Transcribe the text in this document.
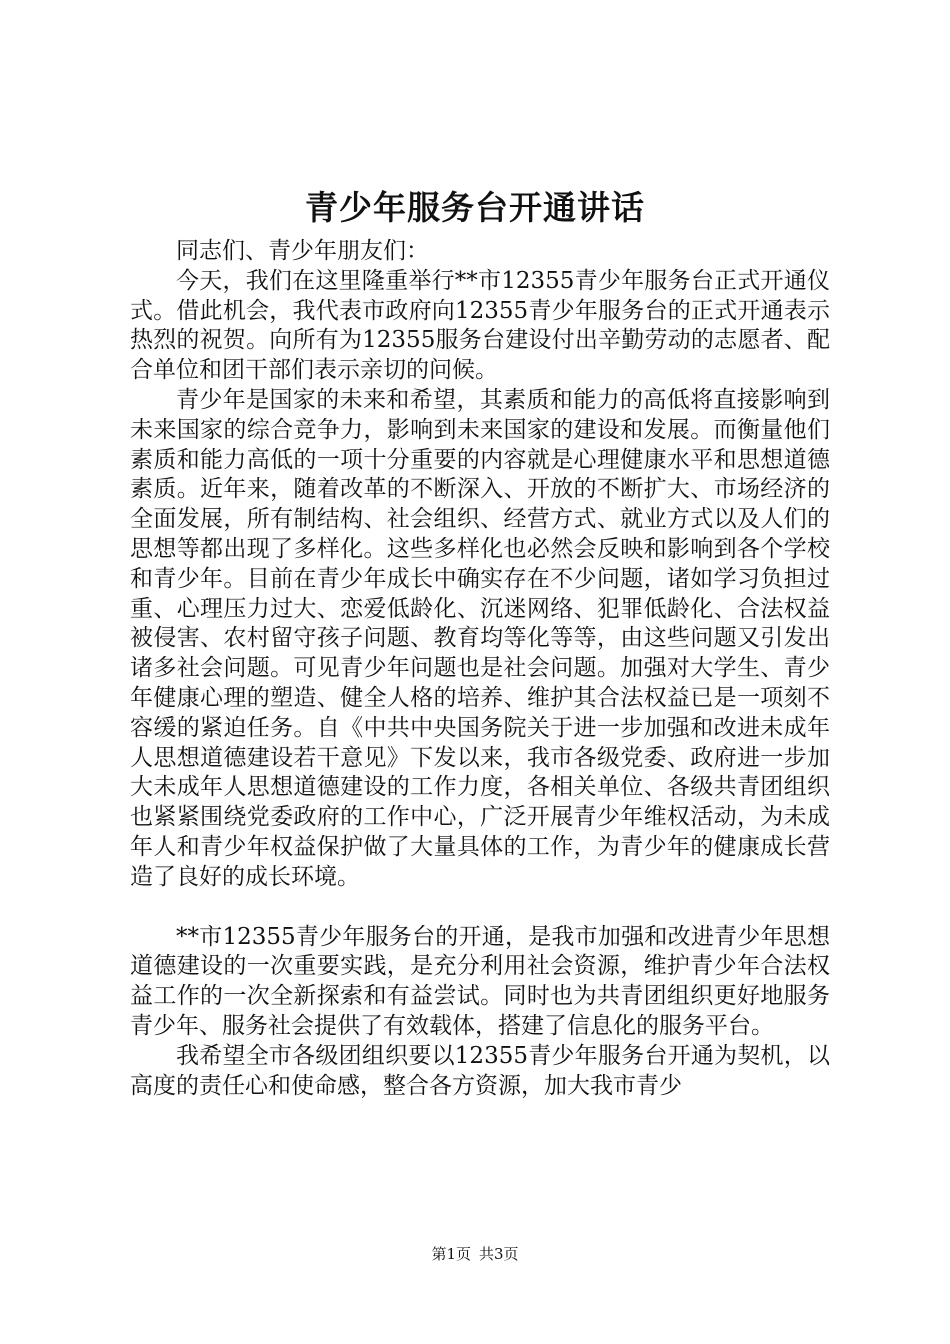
青少年服务台开通讲话

同志们、青少年朋友们：

今天，我们在这里隆重举行**市12355青少年服务台正式开通仪式。借此机会，我代表市政府向12355青少年服务台的正式开通表示热烈的祝贺。向所有为12355服务台建设付出辛勤劳动的志愿者、配合单位和团干部们表示亲切的问候。

青少年是国家的未来和希望，其素质和能力的高低将直接影响到未来国家的综合竞争力，影响到未来国家的建设和发展。而衡量他们素质和能力高低的一项十分重要的内容就是心理健康水平和思想道德素质。近年来，随着改革的不断深入、开放的不断扩大、市场经济的全面发展，所有制结构、社会组织、经营方式、就业方式以及人们的思想等都出现了多样化。这些多样化也必然会反映和影响到各个学校和青少年。目前在青少年成长中确实存在不少问题，诸如学习负担过重、心理压力过大、恋爱低龄化、沉迷网络、犯罪低龄化、合法权益被侵害、农村留守孩子问题、教育均等化等等，由这些问题又引发出诸多社会问题。可见青少年问题也是社会问题。加强对大学生、青少年健康心理的塑造、健全人格的培养、维护其合法权益已是一项刻不容缓的紧迫任务。自《中共中央国务院关于进一步加强和改进未成年人思想道德建设若干意见》下发以来，我市各级党委、政府进一步加大未成年人思想道德建设的工作力度，各相关单位、各级共青团组织也紧紧围绕党委政府的工作中心，广泛开展青少年维权活动，为未成年人和青少年权益保护做了大量具体的工作，为青少年的健康成长营造了良好的成长环境。

**市12355青少年服务台的开通，是我市加强和改进青少年思想道德建设的一次重要实践，是充分利用社会资源，维护青少年合法权益工作的一次全新探索和有益尝试。同时也为共青团组织更好地服务青少年、服务社会提供了有效载体，搭建了信息化的服务平台。

我希望全市各级团组织要以12355青少年服务台开通为契机，以高度的责任心和使命感，整合各方资源，加大我市青少

第1页 共3页
